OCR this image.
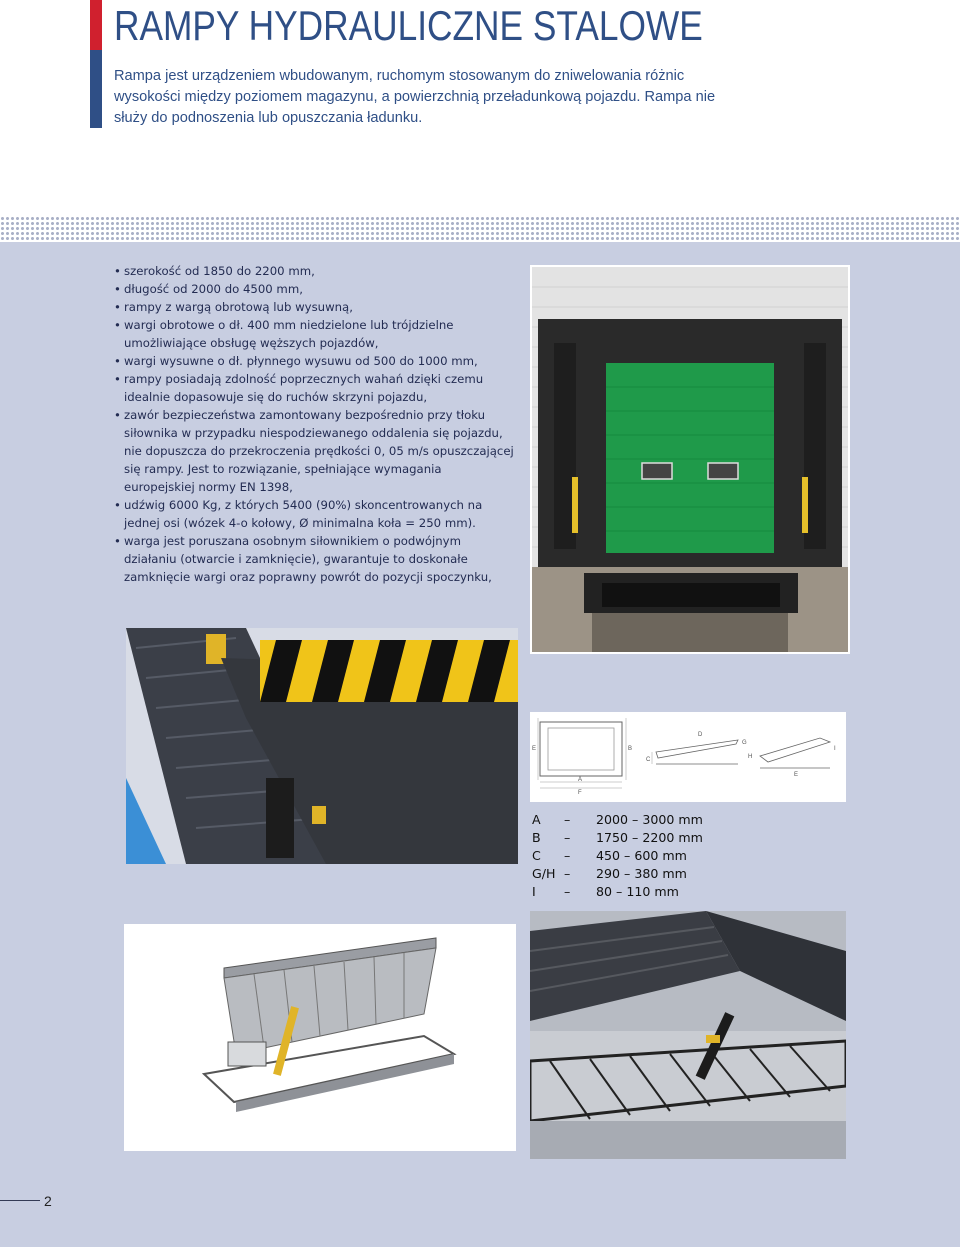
RAMPY HYDRAULICZNE STALOWE

Rampa jest urządzeniem wbudowanym, ruchomym stosowanym do zniwelowania różnic wysokości między poziomem magazynu, a powierzchnią przeładunkową pojazdu. Rampa nie służy do podnoszenia lub opuszczania ładunku.

• szerokość od 1850 do 2200 mm,
• długość od 2000 do 4500 mm,
• rampy z wargą obrotową lub wysuwną,
• wargi obrotowe o dł. 400 mm niedzielone lub trójdzielne umożliwiające obsługę węższych pojazdów,
• wargi wysuwne o dł. płynnego wysuwu od 500 do 1000 mm,
• rampy posiadają zdolność poprzecznych wahań dzięki czemu idealnie dopasowuje się do ruchów skrzyni pojazdu,
• zawór bezpieczeństwa zamontowany bezpośrednio przy tłoku siłownika w przypadku niespodziewanego oddalenia się pojazdu, nie dopuszcza do przekroczenia prędkości 0, 05 m/s opuszczającej się rampy. Jest to rozwiązanie, spełniające wymagania europejskiej normy EN 1398,
• udźwig 6000 Kg, z których 5400 (90%) skoncentrowanych na jednej osi (wózek 4-o kołowy, Ø minimalna koła = 250 mm).
• warga jest poruszana osobnym siłownikiem o podwójnym działaniu (otwarcie i zamknięcie), gwarantuje to doskonałe zamknięcie wargi oraz poprawny powrót do pozycji spoczynku,
E	B
A
F
C
D
G
H
I
E
A	–	2000 – 3000 mm
B	–	1750 – 2200 mm
C	–	450 – 600 mm
G/H	–	290 – 380 mm
I	–	80 – 110 mm
2
